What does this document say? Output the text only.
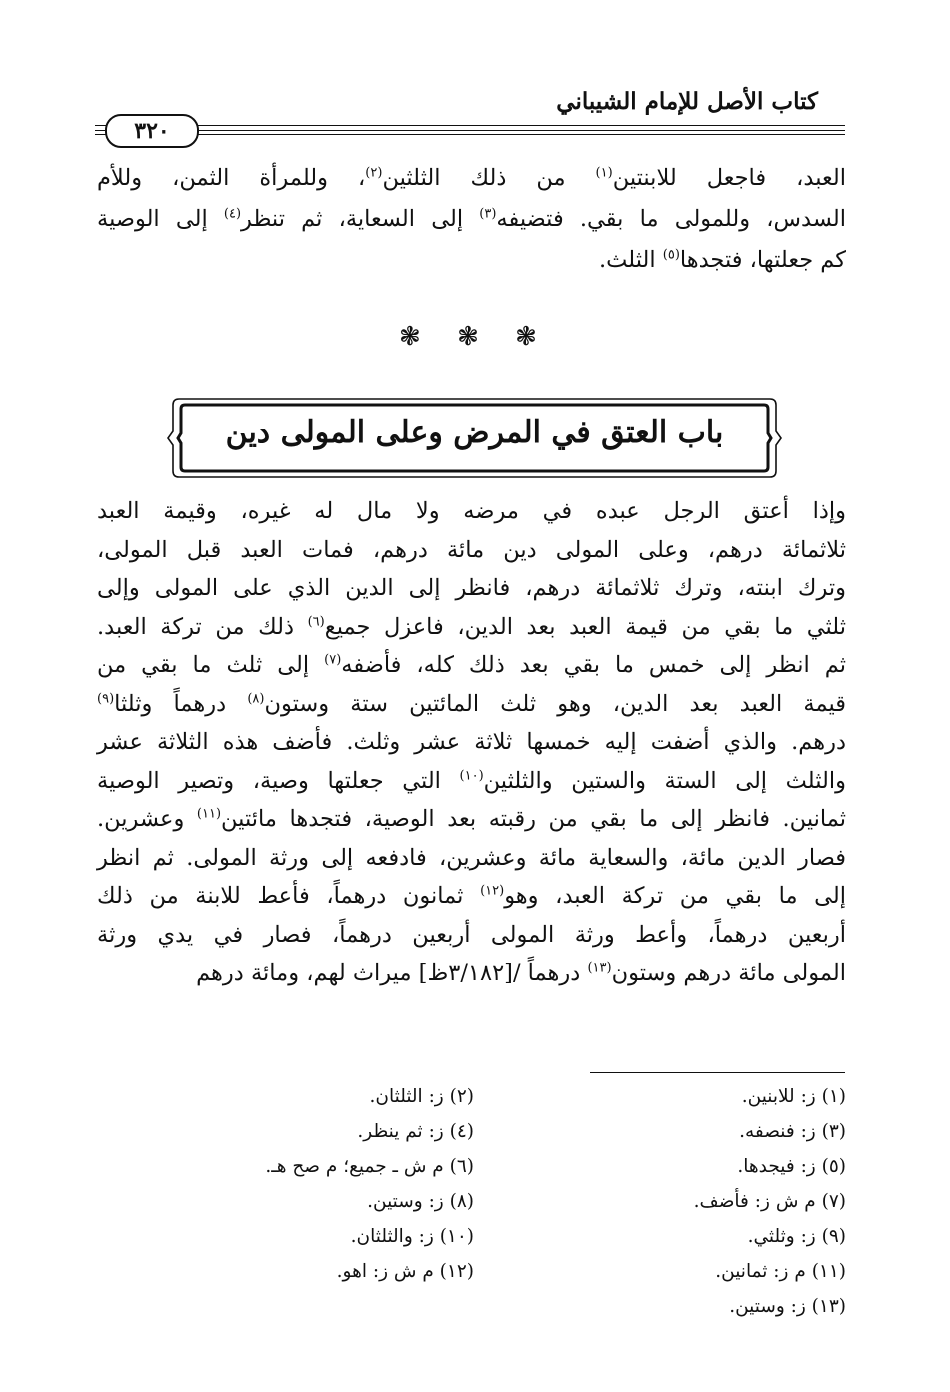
كتاب الأصل للإمام الشيباني
٣٢٠
العبد، فاجعل للابنتين$^{(١)}$ من ذلك الثلثين$^{(٢)}$، وللمرأة الثمن، وللأم
السدس، وللمولى ما بقي. فتضيفه$^{(٣)}$ إلى السعاية، ثم تنظر$^{(٤)}$ إلى الوصية
كم جعلتها، فتجدها$^{(٥)}$ الثلث.
❃ ❃ ❃
باب العتق في المرض وعلى المولى دين
وإذا أعتق الرجل عبده في مرضه ولا مال له غيره، وقيمة العبد
ثلاثمائة درهم، وعلى المولى دين مائة درهم، فمات العبد قبل المولى،
وترك ابنته، وترك ثلاثمائة درهم، فانظر إلى الدين الذي على المولى وإلى
ثلثي ما بقي من قيمة العبد بعد الدين، فاعزل جميع$^{(٦)}$ ذلك من تركة العبد.
ثم انظر إلى خمس ما بقي بعد ذلك كله، فأضفه$^{(٧)}$ إلى ثلث ما بقي من
قيمة العبد بعد الدين، وهو ثلث المائتين ستة وستون$^{(٨)}$ درهماً وثلثا$^{(٩)}$
درهم. والذي أضفت إليه خمسها ثلاثة عشر وثلث. فأضف هذه الثلاثة عشر
والثلث إلى الستة والستين والثلثين$^{(١٠)}$ التي جعلتها وصية، وتصير الوصية
ثمانين. فانظر إلى ما بقي من رقبته بعد الوصية، فتجدها مائتين$^{(١١)}$ وعشرين.
فصار الدين مائة، والسعاية مائة وعشرين، فادفعه إلى ورثة المولى. ثم انظر
إلى ما بقي من تركة العبد، وهو$^{(١٢)}$ ثمانون درهماً، فأعط للابنة من ذلك
أربعين درهماً، وأعط ورثة المولى أربعين درهماً، فصار في يدي ورثة
المولى مائة درهم وستون$^{(١٣)}$ درهماً /[٣/١٨٢ظ] ميراث لهم، ومائة درهم
(١) ز: للابنين.
(٣) ز: فنصفه.
(٥) ز: فيجدها.
(٧) م ش ز: فأضف.
(٩) ز: وثلثي.
(١١) م ز: ثمانين.
(١٣) ز: وستين.
(٢) ز: الثلثان.
(٤) ز: ثم ينظر.
(٦) م ش ـ جميع؛ م صح هـ.
(٨) ز: وستين.
(١٠) ز: والثلثان.
(١٢) م ش ز: اهو.
